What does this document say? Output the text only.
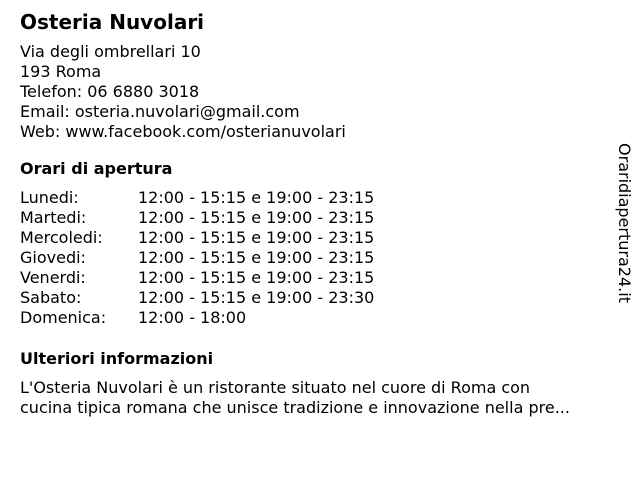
Osteria Nuvolari
Via degli ombrellari 10
193 Roma
Telefon: 06 6880 3018
Email: osteria.nuvolari@gmail.com
Web: www.facebook.com/osterianuvolari
Orari di apertura
Lunedi:	12:00 - 15:15 e 19:00 - 23:15
Martedi:	12:00 - 15:15 e 19:00 - 23:15
Mercoledi:	12:00 - 15:15 e 19:00 - 23:15
Giovedi:	12:00 - 15:15 e 19:00 - 23:15
Venerdi:	12:00 - 15:15 e 19:00 - 23:15
Sabato:	12:00 - 15:15 e 19:00 - 23:30
Domenica:	12:00 - 18:00
Ulteriori informazioni
L'Osteria Nuvolari è un ristorante situato nel cuore di Roma con
cucina tipica romana che unisce tradizione e innovazione nella pre...
Oraridiapertura24.it
